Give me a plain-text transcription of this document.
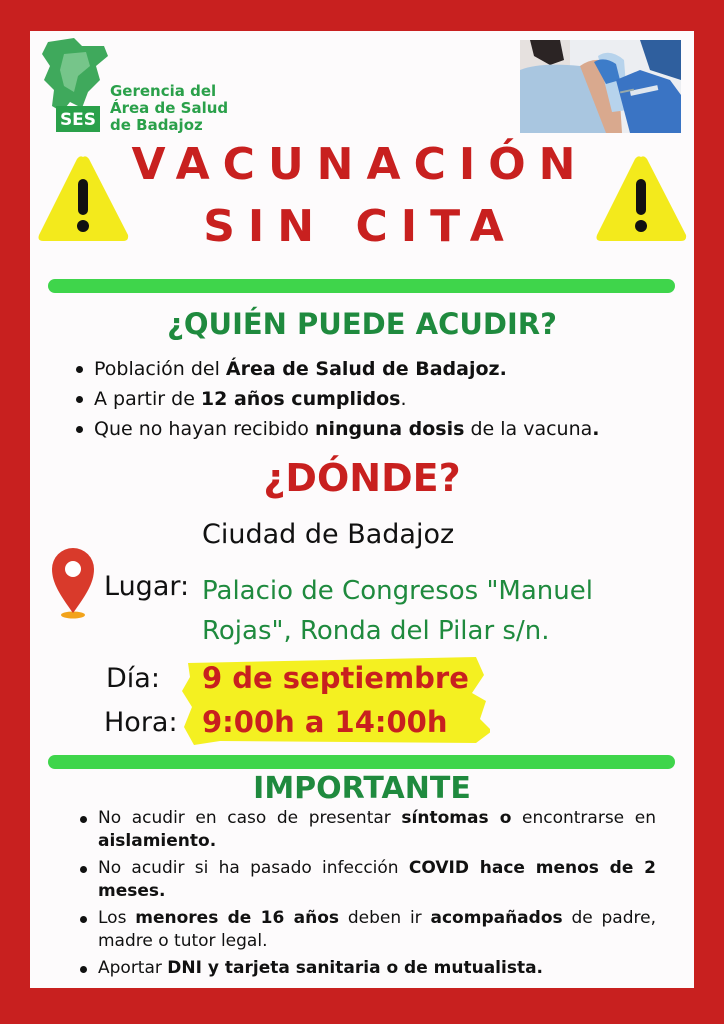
SES
Gerencia del
Área de Salud
de Badajoz
VACUNACIÓN
SIN CITA
¿QUIÉN PUEDE ACUDIR?
Población del Área de Salud de Badajoz.
A partir de 12 años cumplidos.
Que no hayan recibido ninguna dosis de la vacuna.
¿DÓNDE?
Ciudad de Badajoz
Lugar: Palacio de Congresos "Manuel
Rojas", Ronda del Pilar s/n.
Día: 9 de septiembre
Hora: 9:00h a 14:00h
IMPORTANTE
No acudir en caso de presentar síntomas o encontrarse en aislamiento.
No acudir si ha pasado infección COVID hace menos de 2 meses.
Los menores de 16 años deben ir acompañados de padre, madre o tutor legal.
Aportar DNI y tarjeta sanitaria o de mutualista.
